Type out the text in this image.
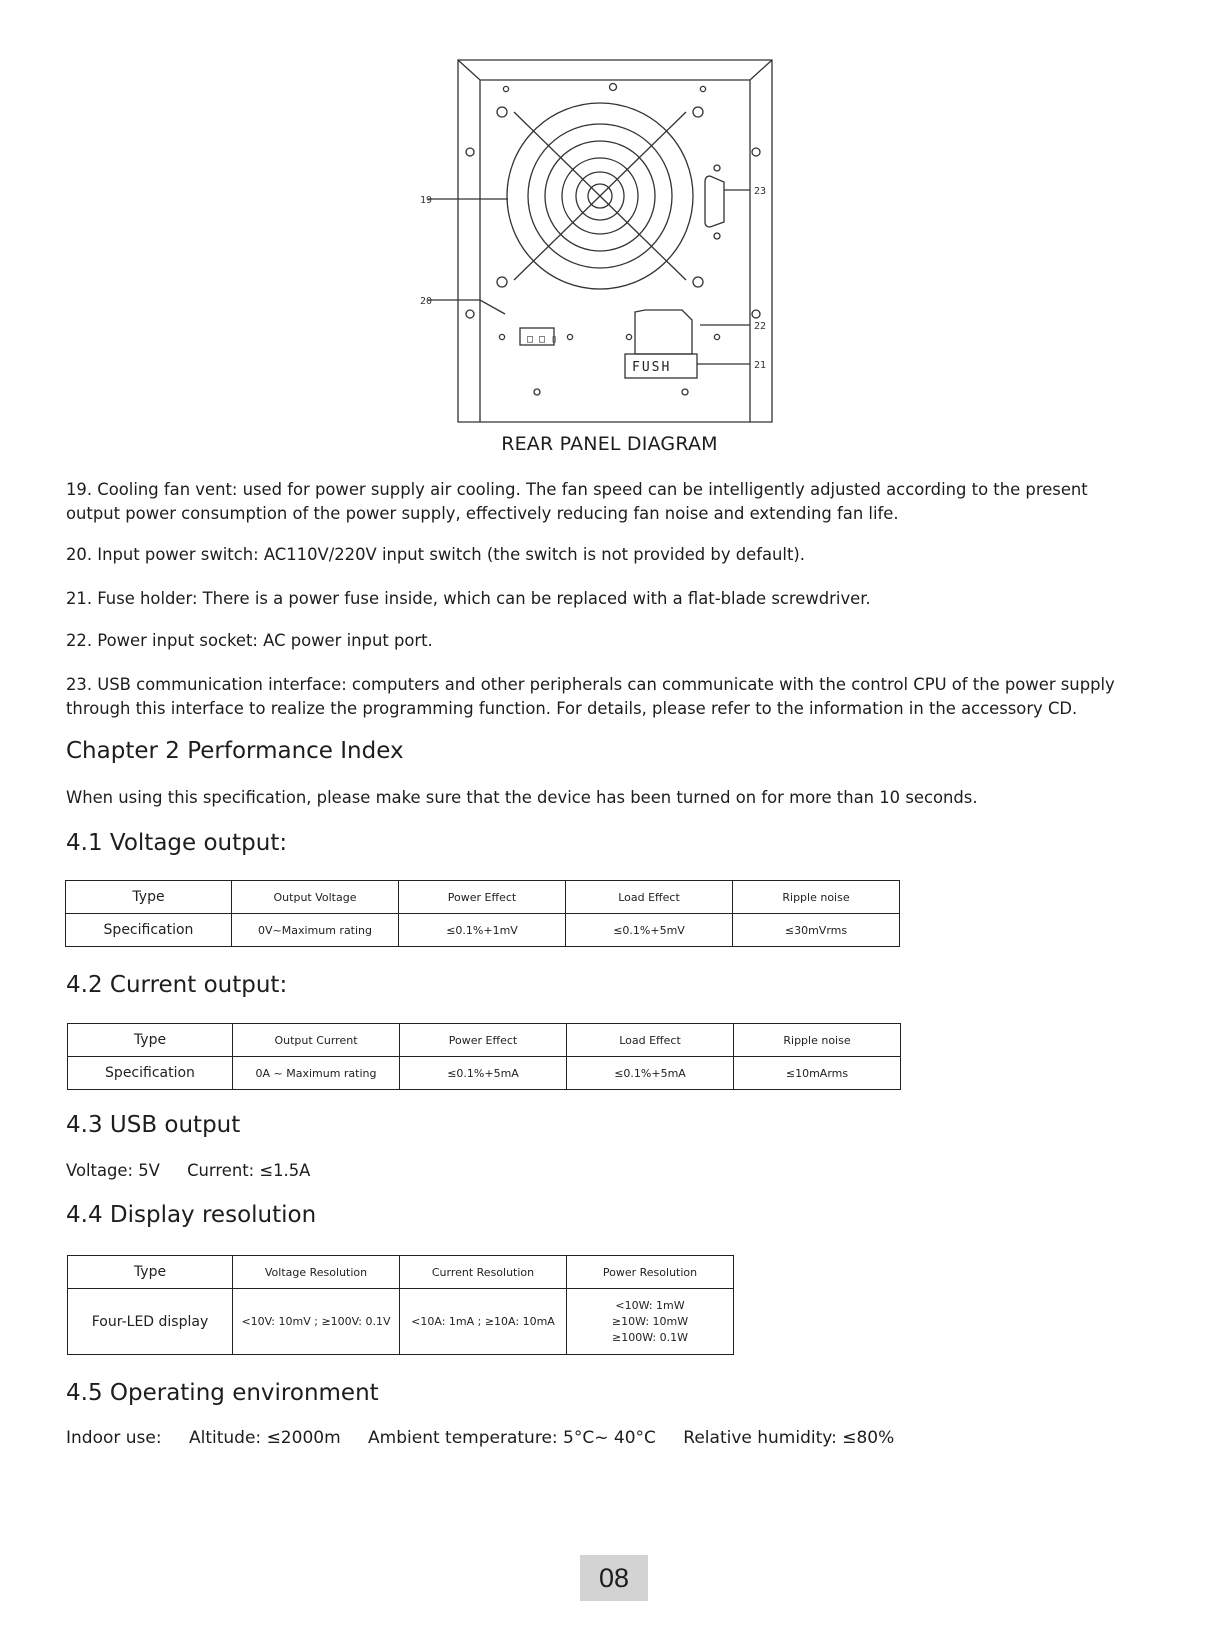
□ □ ▯
19
20
21
22
23
FUSH
REAR PANEL DIAGRAM
19. Cooling fan vent: used for power supply air cooling. The fan speed can be intelligently adjusted according to the present output power consumption of the power supply, effectively reducing fan noise and extending fan life.
20. Input power switch: AC110V/220V input switch (the switch is not provided by default).
21. Fuse holder: There is a power fuse inside, which can be replaced with a flat-blade screwdriver.
22. Power input socket: AC power input port.
23. USB communication interface: computers and other peripherals can communicate with the control CPU of the power supply through this interface to realize the programming function. For details, please refer to the information in the accessory CD.
Chapter 2 Performance Index
When using this specification, please make sure that the device has been turned on for more than 10 seconds.
4.1 Voltage output:
Type	Output Voltage	Power Effect	Load Effect	Ripple noise
Specification	0V~Maximum rating	≤0.1%+1mV	≤0.1%+5mV	≤30mVrms
4.2 Current output:
Type	Output Current	Power Effect	Load Effect	Ripple noise
Specification	0A ~ Maximum rating	≤0.1%+5mA	≤0.1%+5mA	≤10mArms
4.3 USB output
Voltage: 5V Current: ≤1.5A
4.4 Display resolution
Type	Voltage Resolution	Current Resolution	Power Resolution
Four-LED display	<10V: 10mV ; ≥100V: 0.1V	<10A: 1mA ; ≥10A: 10mA	<10W: 1mW
≥10W: 10mW
≥100W: 0.1W
4.5 Operating environment
Indoor use: Altitude: ≤2000m Ambient temperature: 5°C~ 40°C Relative humidity: ≤80%
08
